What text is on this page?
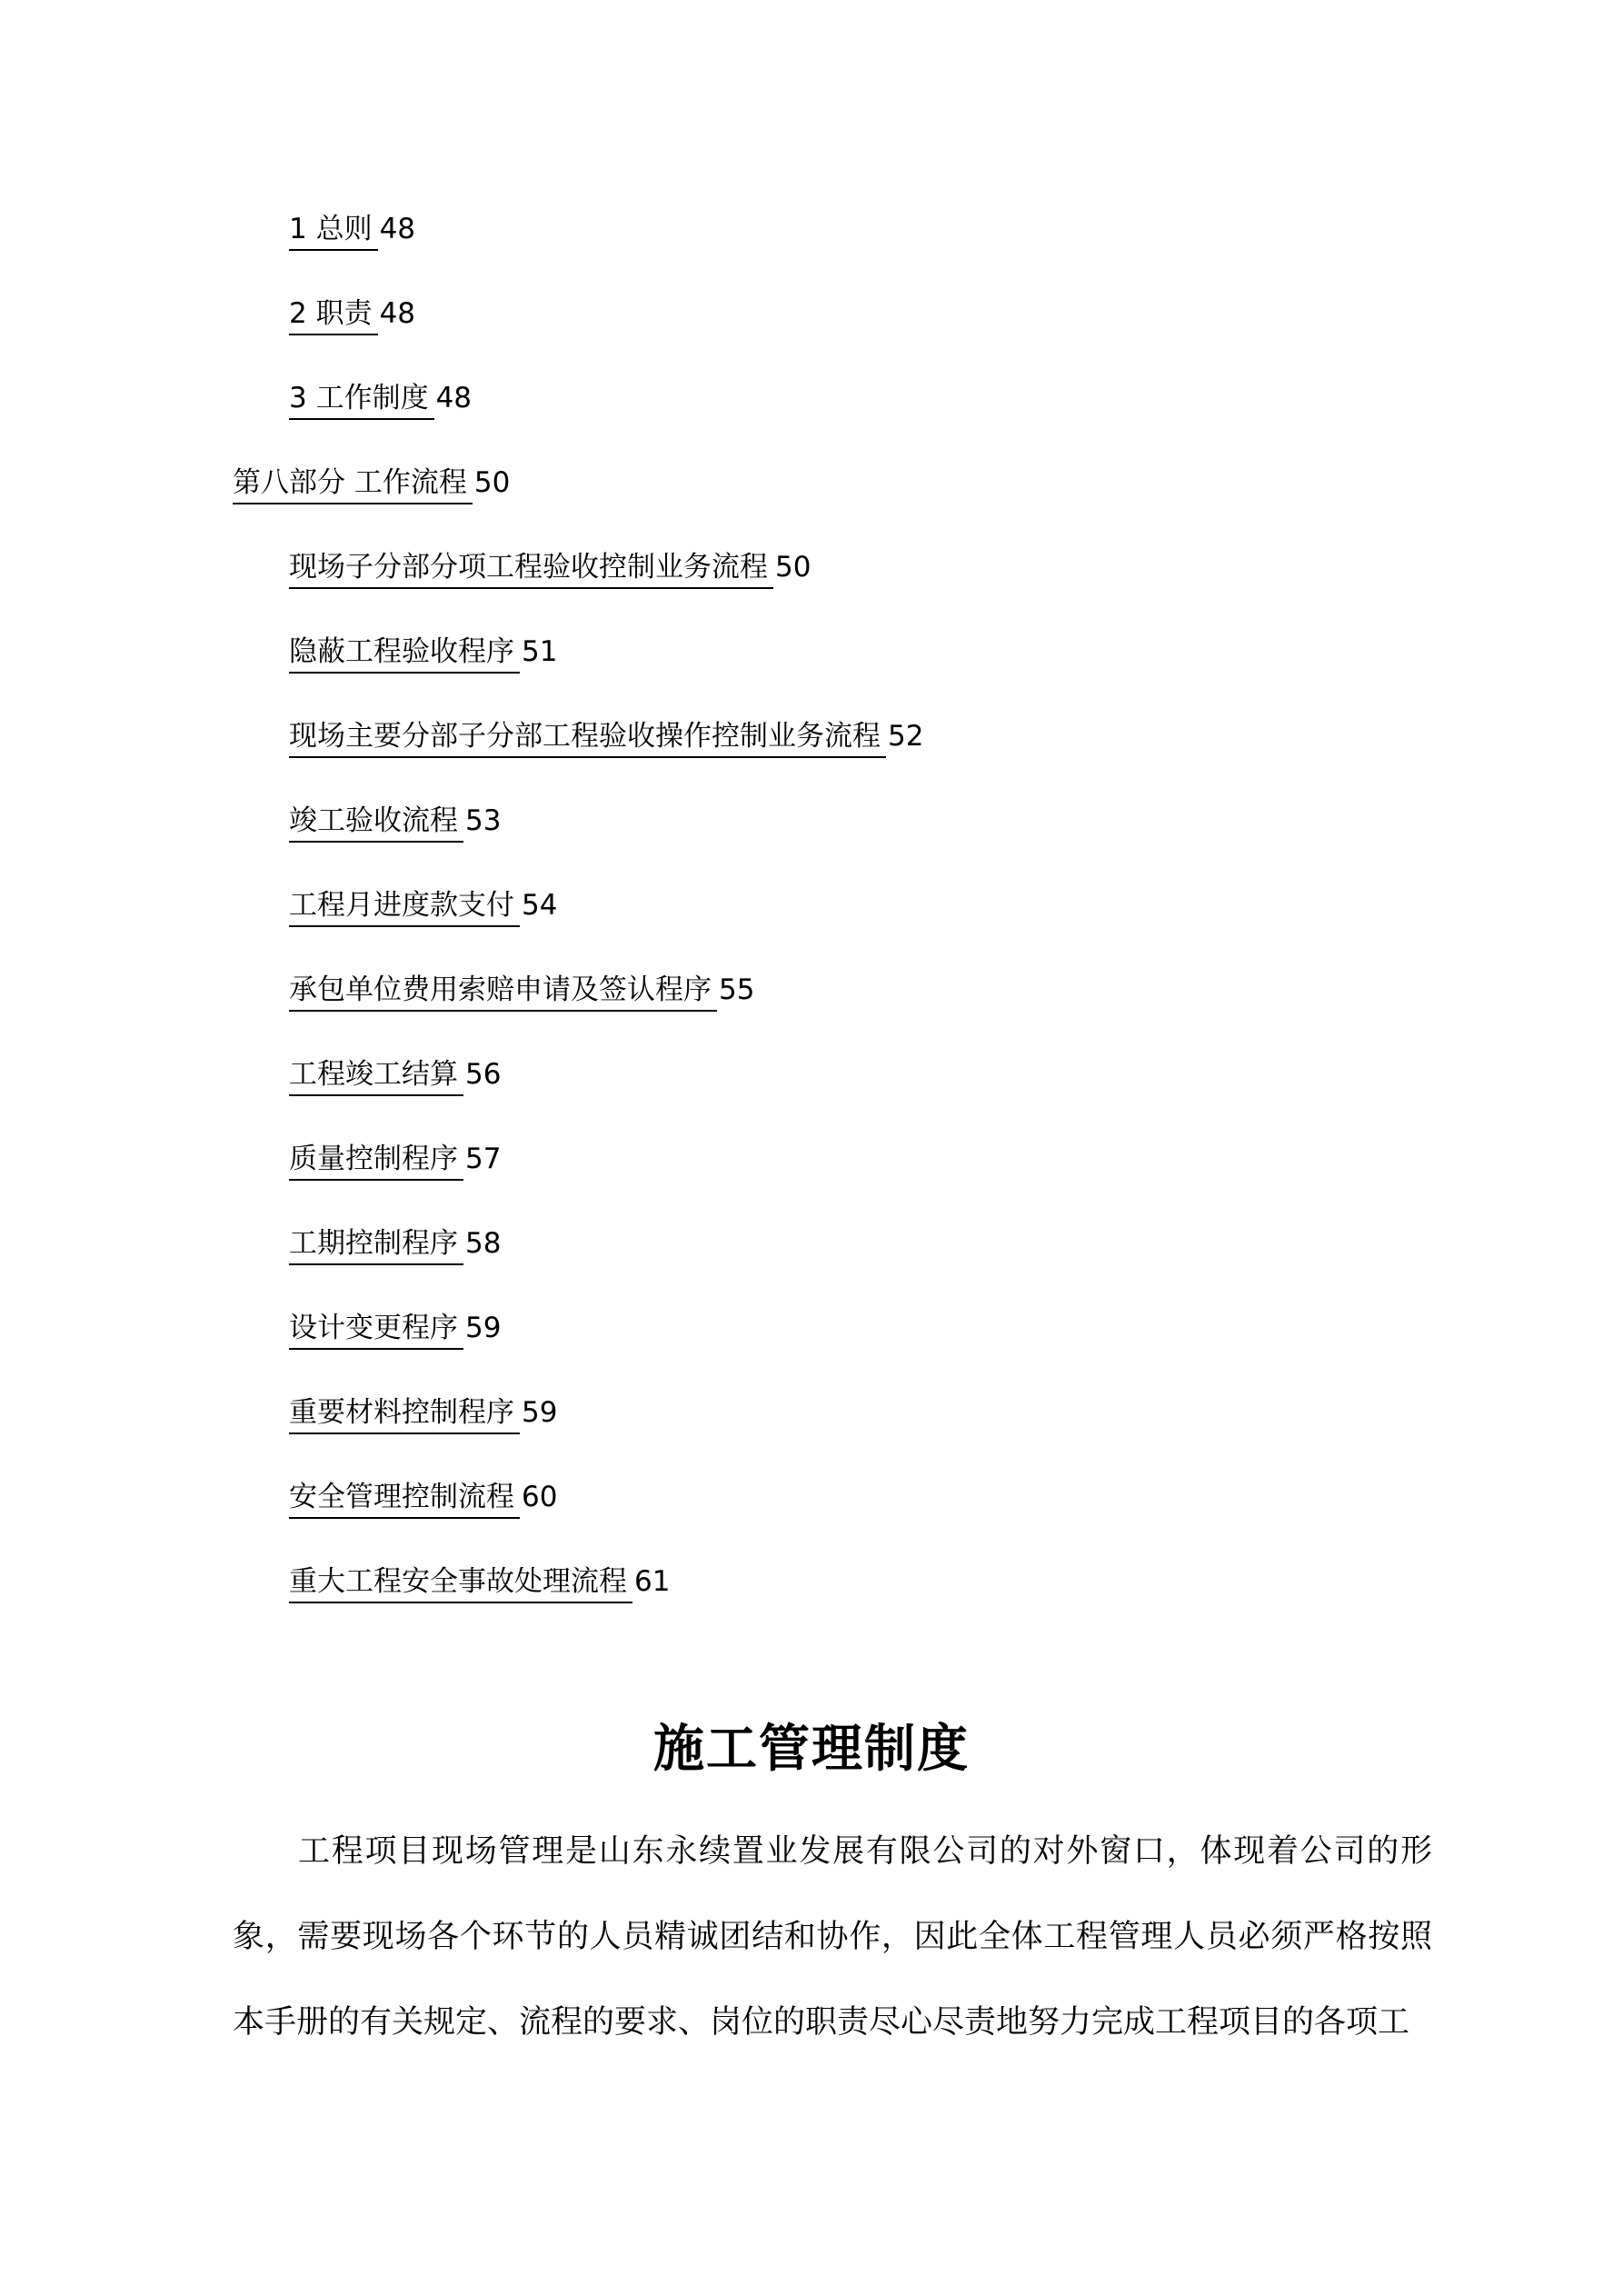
1 总则 48
2 职责 48
3 工作制度 48
第八部分 工作流程 50
现场子分部分项工程验收控制业务流程 50
隐蔽工程验收程序 51
现场主要分部子分部工程验收操作控制业务流程 52
竣工验收流程 53
工程月进度款支付 54
承包单位费用索赔申请及签认程序 55
工程竣工结算 56
质量控制程序 57
工期控制程序 58
设计变更程序 59
重要材料控制程序 59
安全管理控制流程 60
重大工程安全事故处理流程 61
施工管理制度

工程项目现场管理是山东永续置业发展有限公司的对外窗口，体现着公司的形象，需要现场各个环节的人员精诚团结和协作，因此全体工程管理人员必须严格按照本手册的有关规定、流程的要求、岗位的职责尽心尽责地努力完成工程项目的各项工
